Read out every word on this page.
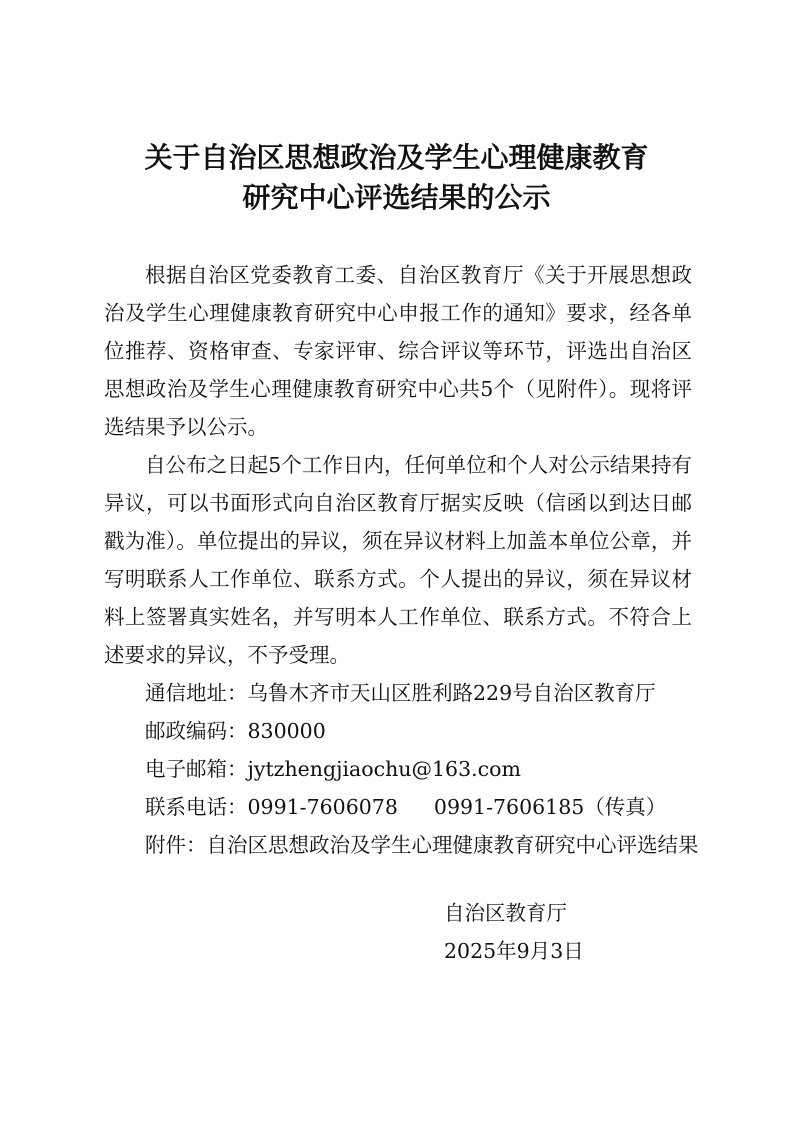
关于自治区思想政治及学生心理健康教育
研究中心评选结果的公示

根据自治区党委教育工委、自治区教育厅《关于开展思想政治及学生心理健康教育研究中心申报工作的通知》要求，经各单位推荐、资格审查、专家评审、综合评议等环节，评选出自治区思想政治及学生心理健康教育研究中心共5个（见附件）。现将评选结果予以公示。

自公布之日起5个工作日内，任何单位和个人对公示结果持有异议，可以书面形式向自治区教育厅据实反映（信函以到达日邮戳为准）。单位提出的异议，须在异议材料上加盖本单位公章，并写明联系人工作单位、联系方式。个人提出的异议，须在异议材料上签署真实姓名，并写明本人工作单位、联系方式。不符合上述要求的异议，不予受理。

通信地址：乌鲁木齐市天山区胜利路229号自治区教育厅

邮政编码：830000

电子邮箱：jytzhengjiaochu@163.com

联系电话：0991-7606078 0991-7606185（传真）

附件：自治区思想政治及学生心理健康教育研究中心评选结果

自治区教育厅
2025年9月3日
